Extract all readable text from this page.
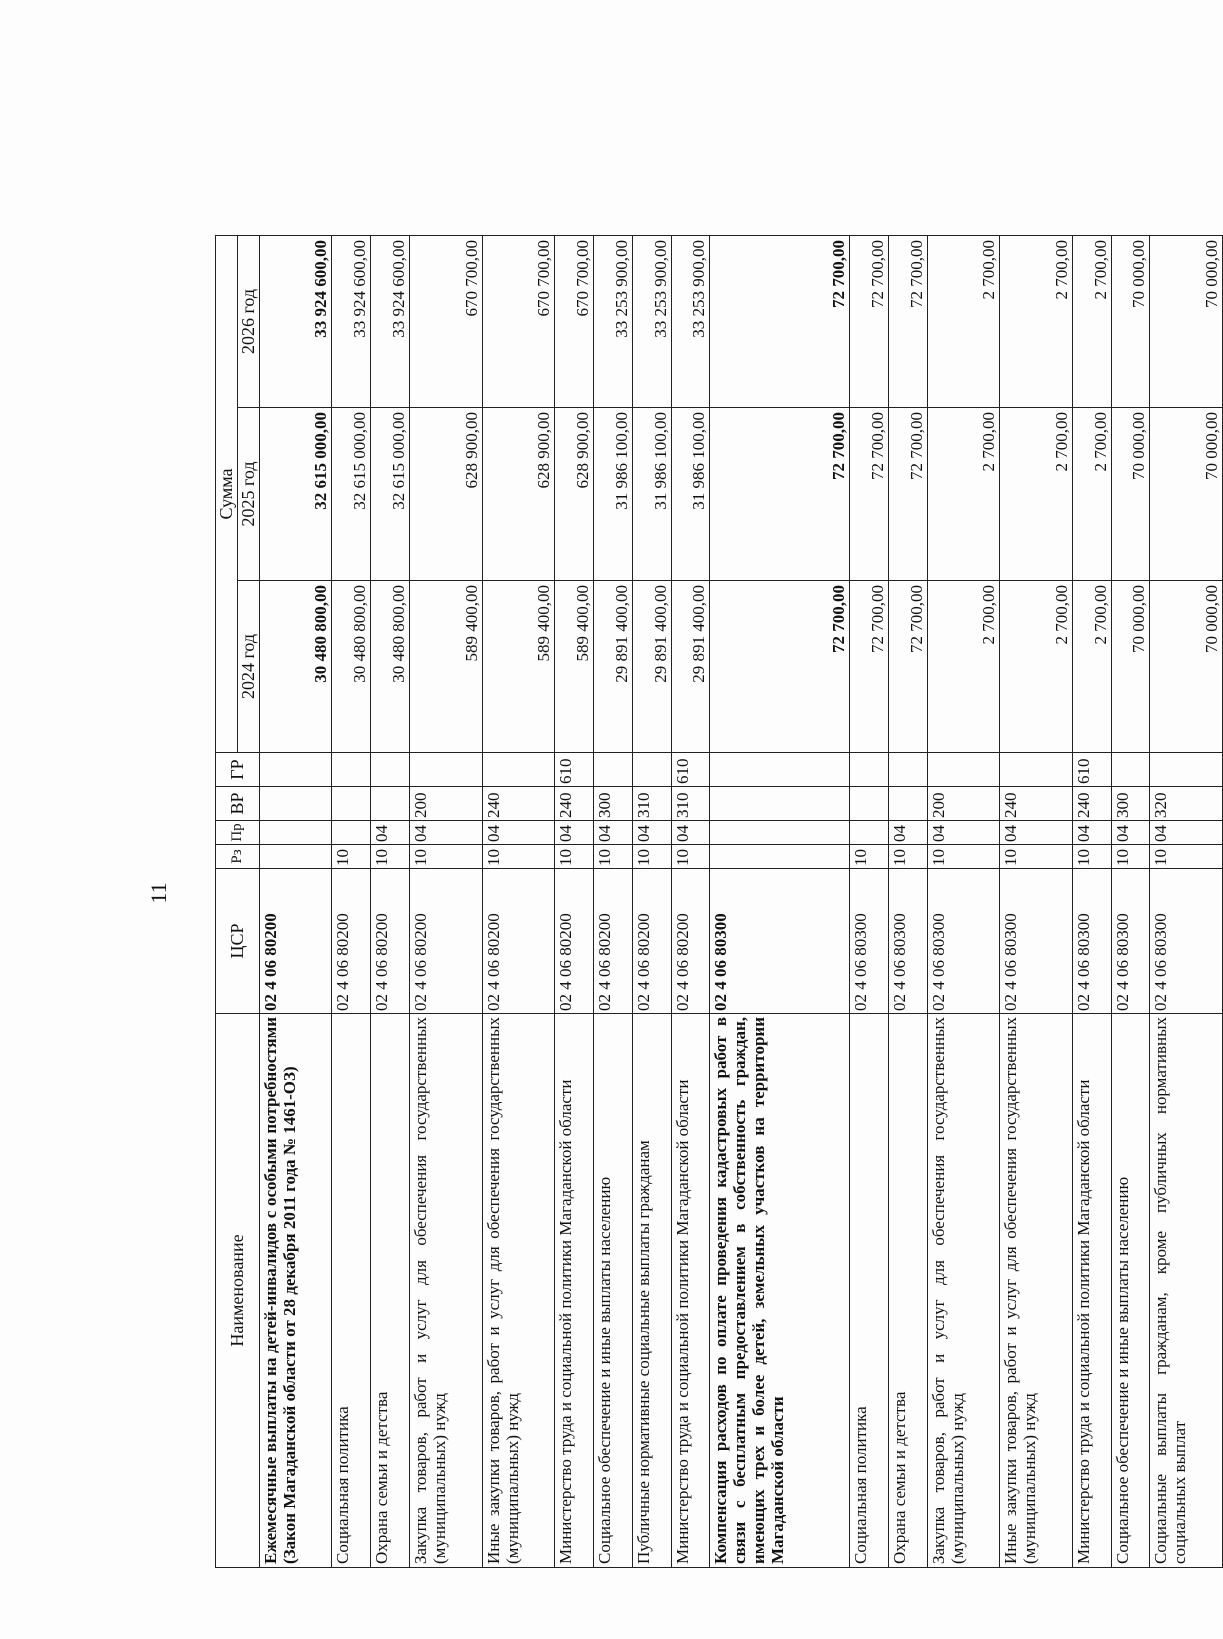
11
Наименование	ЦСР	Рз	Пр	ВР	ГР	Сумма		
						2024 год	2025 год	2026 год
Ежемесячные выплаты на детей-инвалидов с особыми потребностями (Закон Магаданской области от 28 декабря 2011 года № 1461-ОЗ)	02 4 06 80200					30 480 800,00	32 615 000,00	33 924 600,00
Социальная политика	02 4 06 80200	10				30 480 800,00	32 615 000,00	33 924 600,00
Охрана семьи и детства	02 4 06 80200	10	04			30 480 800,00	32 615 000,00	33 924 600,00
Закупка товаров, работ и услуг для обеспечения государственных (муниципальных) нужд	02 4 06 80200	10	04	200		589 400,00	628 900,00	670 700,00
Иные закупки товаров, работ и услуг для обеспечения государственных (муниципальных) нужд	02 4 06 80200	10	04	240		589 400,00	628 900,00	670 700,00
Министерство труда и социальной политики Магаданской области	02 4 06 80200	10	04	240	610	589 400,00	628 900,00	670 700,00
Социальное обеспечение и иные выплаты населению	02 4 06 80200	10	04	300		29 891 400,00	31 986 100,00	33 253 900,00
Публичные нормативные социальные выплаты гражданам	02 4 06 80200	10	04	310		29 891 400,00	31 986 100,00	33 253 900,00
Министерство труда и социальной политики Магаданской области	02 4 06 80200	10	04	310	610	29 891 400,00	31 986 100,00	33 253 900,00
Компенсация расходов по оплате проведения кадастровых работ в связи с бесплатным предоставлением в собственность граждан, имеющих трех и более детей, земельных участков на территории Магаданской области	02 4 06 80300					72 700,00	72 700,00	72 700,00
Социальная политика	02 4 06 80300	10				72 700,00	72 700,00	72 700,00
Охрана семьи и детства	02 4 06 80300	10	04			72 700,00	72 700,00	72 700,00
Закупка товаров, работ и услуг для обеспечения государственных (муниципальных) нужд	02 4 06 80300	10	04	200		2 700,00	2 700,00	2 700,00
Иные закупки товаров, работ и услуг для обеспечения государственных (муниципальных) нужд	02 4 06 80300	10	04	240		2 700,00	2 700,00	2 700,00
Министерство труда и социальной политики Магаданской области	02 4 06 80300	10	04	240	610	2 700,00	2 700,00	2 700,00
Социальное обеспечение и иные выплаты населению	02 4 06 80300	10	04	300		70 000,00	70 000,00	70 000,00
Социальные выплаты гражданам, кроме публичных нормативных социальных выплат	02 4 06 80300	10	04	320		70 000,00	70 000,00	70 000,00
